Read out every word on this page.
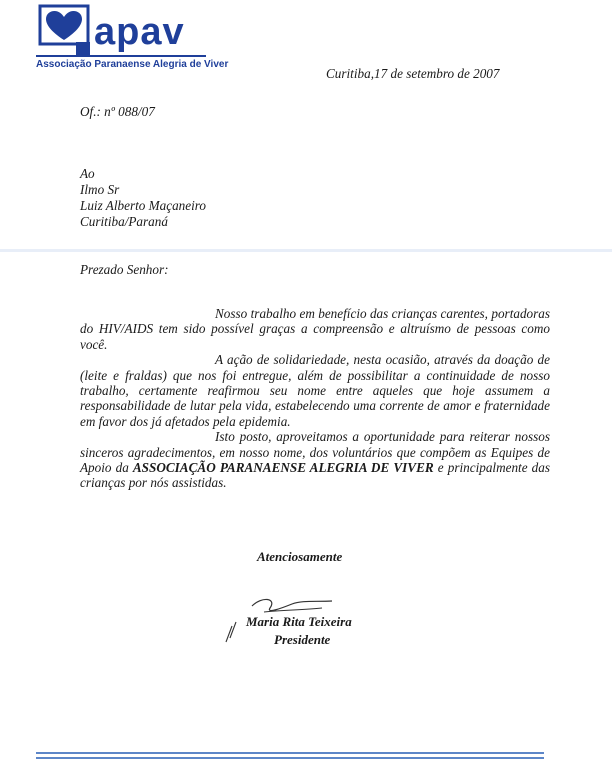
apav
Associação Paranaense Alegria de Viver
Curitiba,17 de setembro de 2007
Of.: nº 088/07
Ao
Ilmo Sr
Luiz Alberto Maçaneiro
Curitiba/Paraná
Prezado Senhor:

Nosso trabalho em benefício das crianças carentes, portadoras do HIV/AIDS tem sido possível graças a compreensão e altruísmo de pessoas como você.

A ação de solidariedade, nesta ocasião, através da doação de (leite e fraldas) que nos foi entregue, além de possibilitar a continuidade de nosso trabalho, certamente reafirmou seu nome entre aqueles que hoje assumem a responsabilidade de lutar pela vida, estabelecendo uma corrente de amor e fraternidade em favor dos já afetados pela epidemia.

Isto posto, aproveitamos a oportunidade para reiterar nossos sinceros agradecimentos, em nosso nome, dos voluntários que compõem as Equipes de Apoio da ASSOCIAÇÃO PARANAENSE ALEGRIA DE VIVER e principalmente das crianças por nós assistidas.

Atenciosamente
Maria Rita Teixeira
Presidente
